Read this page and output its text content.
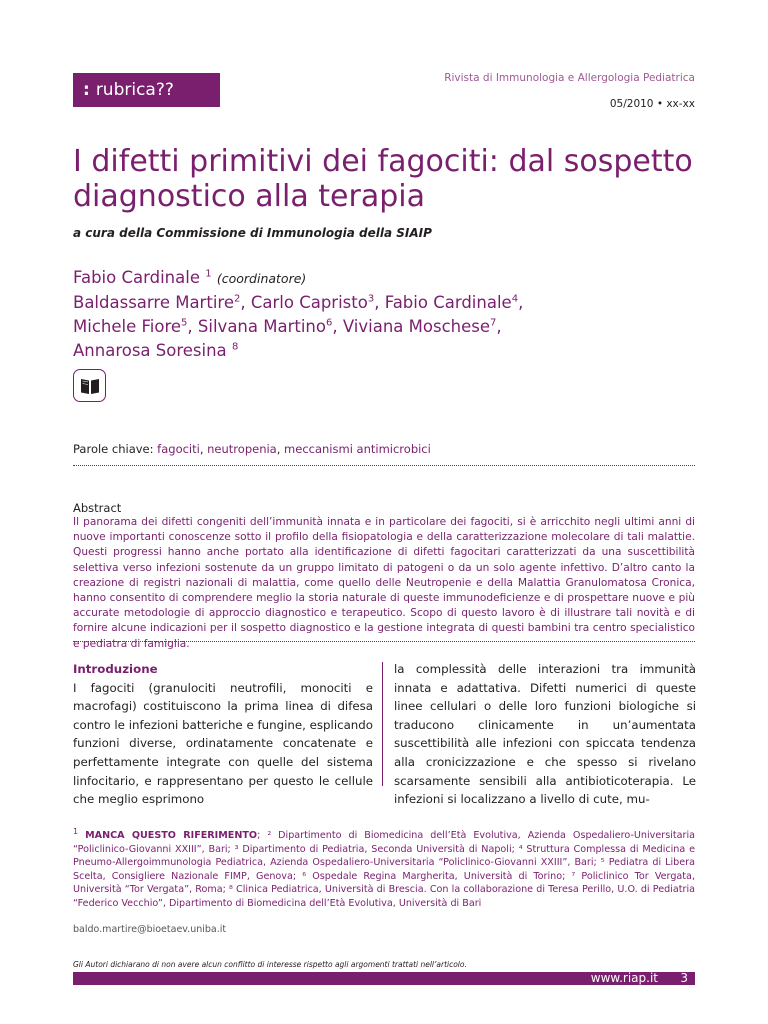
: rubrica??
Rivista di Immunologia e Allergologia Pediatrica
05/2010 • xx-xx
I difetti primitivi dei fagociti: dal sospetto diagnostico alla terapia
a cura della Commissione di Immunologia della SIAIP
Fabio Cardinale $^1$ (coordinatore)
Baldassarre Martire$^2$, Carlo Capristo$^3$, Fabio Cardinale$^4$,
Michele Fiore$^5$, Silvana Martino$^6$, Viviana Moschese$^7$,
Annarosa Soresina $^8$
Parole chiave: fagociti, neutropenia, meccanismi antimicrobici
Abstract
Il panorama dei difetti congeniti dell’immunità innata e in particolare dei fagociti, si è arricchito negli ultimi anni di nuove importanti conoscenze sotto il profilo della fisiopatologia e della caratterizzazione molecolare di tali malattie. Questi progressi hanno anche portato alla identificazione di difetti fagocitari caratterizzati da una suscettibilità selettiva verso infezioni sostenute da un gruppo limitato di patogeni o da un solo agente infettivo. D’altro canto la creazione di registri nazionali di malattia, come quello delle Neutropenie e della Malattia Granulomatosa Cronica, hanno consentito di comprendere meglio la storia naturale di queste immunodeficienze e di prospettare nuove e più accurate metodologie di approccio diagnostico e terapeutico. Scopo di questo lavoro è di illustrare tali novità e di fornire alcune indicazioni per il sospetto diagnostico e la gestione integrata di questi bambini tra centro specialistico e pediatra di famiglia.
Introduzione
I fagociti (granulociti neutrofili, monociti e macrofagi) costituiscono la prima linea di difesa contro le infezioni batteriche e fungine, esplicando funzioni diverse, ordinatamente concatenate e perfettamente integrate con quelle del sistema linfocitario, e rappresentano per questo le cellule che meglio esprimono
la complessità delle interazioni tra immunità innata e adattativa. Difetti numerici di queste linee cellulari o delle loro funzioni biologiche si traducono clinicamente in un’aumentata suscettibilità alle infezioni con spiccata tendenza alla cronicizzazione e che spesso si rivelano scarsamente sensibili alla antibioticoterapia. Le infezioni si localizzano a livello di cute, mu-
$^1$ MANCA QUESTO RIFERIMENTO; ² Dipartimento di Biomedicina dell’Età Evolutiva, Azienda Ospedaliero-Universitaria “Policlinico-Giovanni XXIII”, Bari; ³ Dipartimento di Pediatria, Seconda Università di Napoli; ⁴ Struttura Complessa di Medicina e Pneumo-Allergoimmunologia Pediatrica, Azienda Ospedaliero-Universitaria “Policlinico-Giovanni XXIII”, Bari; ⁵ Pediatra di Libera Scelta, Consigliere Nazionale FIMP, Genova; ⁶ Ospedale Regina Margherita, Università di Torino; ⁷ Policlinico Tor Vergata, Università “Tor Vergata”, Roma; ⁸ Clinica Pediatrica, Università di Brescia. Con la collaborazione di Teresa Perillo, U.O. di Pediatria “Federico Vecchio”, Dipartimento di Biomedicina dell’Età Evolutiva, Università di Bari
baldo.martire@bioetaev.uniba.it
Gli Autori dichiarano di non avere alcun conflitto di interesse rispetto agli argomenti trattati nell’articolo.
www.riap.it 3
